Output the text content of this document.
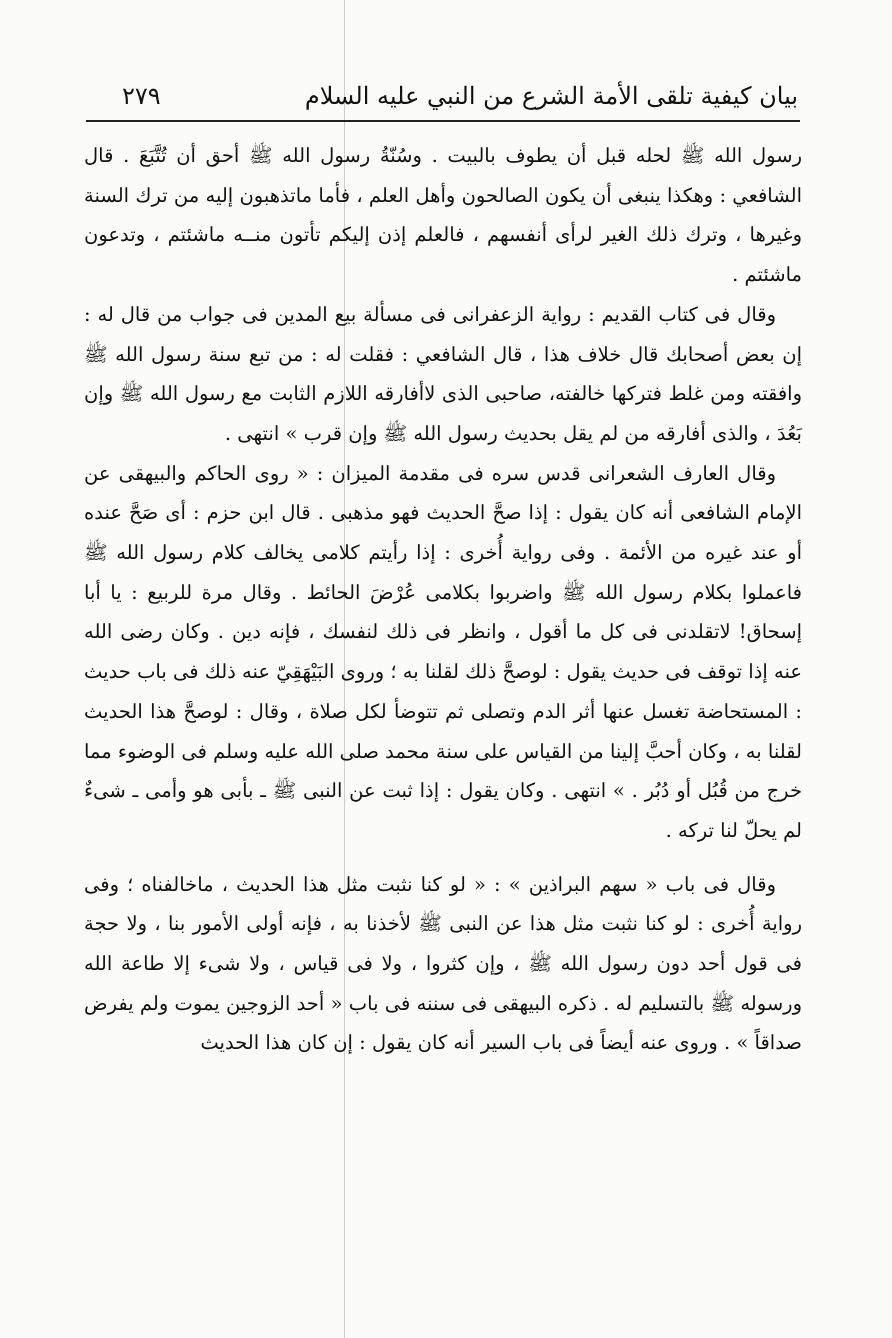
بيان كيفية تلقى الأمة الشرع من النبي عليه السلام
٢٧٩

رسول الله ﷺ لحله قبل أن يطوف بالبيت . وسُنّةُ رسول الله ﷺ أحق أن تُتَّبَعَ . قال الشافعي : وهكذا ينبغى أن يكون الصالحون وأهل العلم ، فأما ماتذهبون إليه من ترك السنة وغيرها ، وترك ذلك الغير لرأى أنفسهم ، فالعلم إذن إليكم تأتون منــه ماشئتم ، وتدعون ماشئتم .

وقال فى كتاب القديم : رواية الزعفرانى فى مسألة بيع المدين فى جواب من قال له : إن بعض أصحابك قال خلاف هذا ، قال الشافعي : فقلت له : من تبع سنة رسول الله ﷺ وافقته ومن غلط فتركها خالفته، صاحبى الذى لاأفارقه اللازم الثابت مع رسول الله ﷺ وإن بَعُدَ ، والذى أفارقه من لم يقل بحديث رسول الله ﷺ وإن قرب » انتهى .

وقال العارف الشعرانى قدس سره فى مقدمة الميزان : « روى الحاكم والبيهقى عن الإمام الشافعى أنه كان يقول : إذا صحَّ الحديث فهو مذهبى . قال ابن حزم : أى صَحَّ عنده أو عند غيره من الأئمة . وفى رواية أُخرى : إذا رأيتم كلامى يخالف كلام رسول الله ﷺ فاعملوا بكلام رسول الله ﷺ واضربوا بكلامى عُرْضَ الحائط . وقال مرة للربيع : يا أبا إسحاق! لاتقلدنى فى كل ما أقول ، وانظر فى ذلك لنفسك ، فإنه دين . وكان رضى الله عنه إذا توقف فى حديث يقول : لوصحَّ ذلك لقلنا به ؛ وروى البَيْهَقِيّ عنه ذلك فى باب حديث : المستحاضة تغسل عنها أثر الدم وتصلى ثم تتوضأ لكل صلاة ، وقال : لوصحَّ هذا الحديث لقلنا به ، وكان أحبَّ إلينا من القياس على سنة محمد صلى الله عليه وسلم فى الوضوء مما خرج من قُبُل أو دُبُر . » انتهى . وكان يقول : إذا ثبت عن النبى ﷺ ـ بأبى هو وأمى ـ شىءٌ لم يحلّ لنا تركه .

وقال فى باب « سهم البراذين » : « لو كنا نثبت مثل هذا الحديث ، ماخالفناه ؛ وفى رواية أُخرى : لو كنا نثبت مثل هذا عن النبى ﷺ لأخذنا به ، فإنه أولى الأمور بنا ، ولا حجة فى قول أحد دون رسول الله ﷺ ، وإن كثروا ، ولا فى قياس ، ولا شىء إلا طاعة الله ورسوله ﷺ بالتسليم له . ذكره البيهقى فى سننه فى باب « أحد الزوجين يموت ولم يفرض صداقاً » . وروى عنه أيضاً فى باب السير أنه كان يقول : إن كان هذا الحديث
